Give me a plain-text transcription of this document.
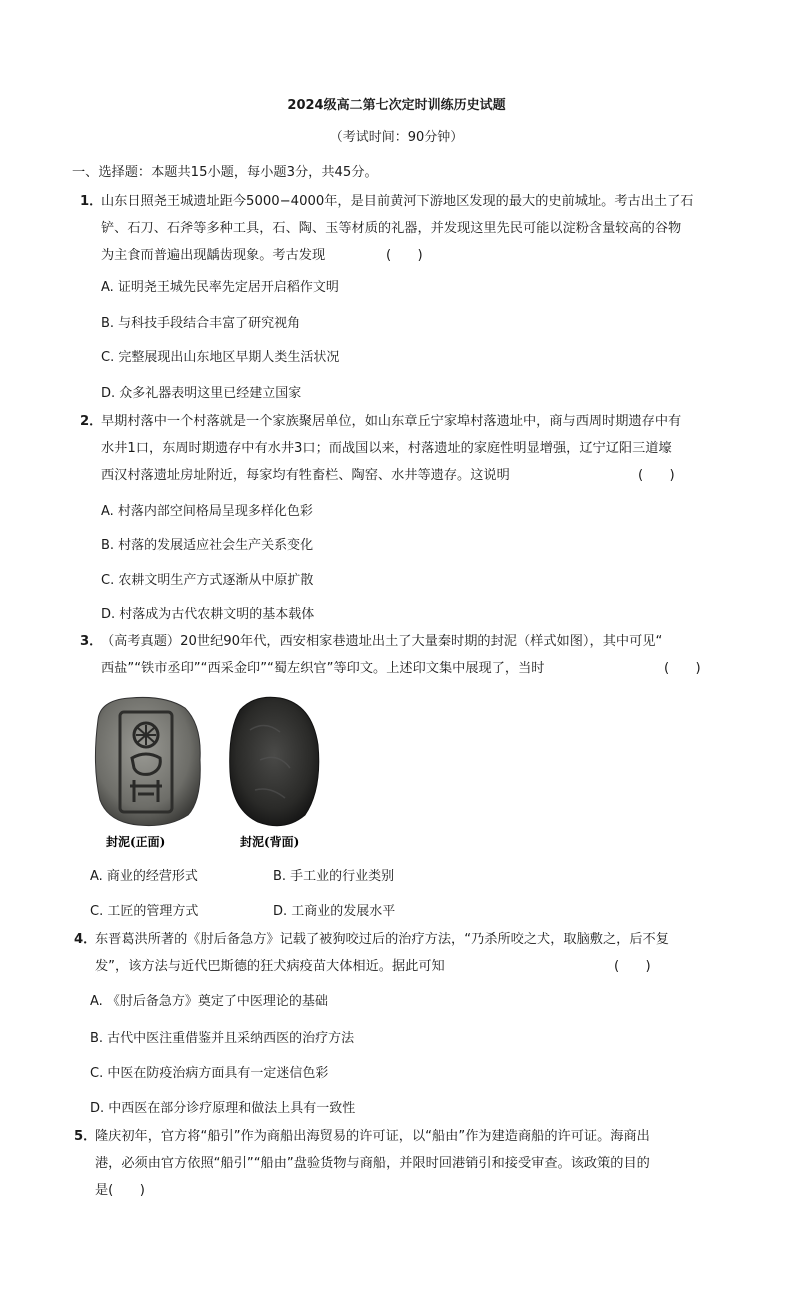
2024级高二第七次定时训练历史试题
（考试时间：90分钟）
一、选择题：本题共15小题，每小题3分，共45分。
1．
山东日照尧王城遗址距今5000−4000年，是目前黄河下游地区发现的最大的史前城址。考古出土了石
铲、石刀、石斧等多种工具，石、陶、玉等材质的礼器，并发现这里先民可能以淀粉含量较高的谷物
为主食而普遍出现龋齿现象。考古发现	(　　)
A. 证明尧王城先民率先定居开启稻作文明
B. 与科技手段结合丰富了研究视角
C. 完整展现出山东地区早期人类生活状况
D. 众多礼器表明这里已经建立国家
2．
早期村落中一个村落就是一个家族聚居单位，如山东章丘宁家埠村落遗址中，商与西周时期遗存中有
水井1口，东周时期遗存中有水井3口；而战国以来，村落遗址的家庭性明显增强，辽宁辽阳三道壕
西汉村落遗址房址附近，每家均有牲畜栏、陶窑、水井等遗存。这说明	(　　)
A. 村落内部空间格局呈现多样化色彩
B. 村落的发展适应社会生产关系变化
C. 农耕文明生产方式逐渐从中原扩散
D. 村落成为古代农耕文明的基本载体
3．
（高考真题）20世纪90年代，西安相家巷遗址出土了大量秦时期的封泥（样式如图），其中可见“
西盐”“铁市丞印”“西采金印”“蜀左织官”等印文。上述印文集中展现了，当时	(　　)
封泥(正面)	封泥(背面)
A. 商业的经营形式	B. 手工业的行业类别
C. 工匠的管理方式	D. 工商业的发展水平
4．
东晋葛洪所著的《肘后备急方》记载了被狗咬过后的治疗方法，“乃杀所咬之犬，取脑敷之，后不复
发”，该方法与近代巴斯德的狂犬病疫苗大体相近。据此可知	(　　)
A. 《肘后备急方》奠定了中医理论的基础
B. 古代中医注重借鉴并且采纳西医的治疗方法
C. 中医在防疫治病方面具有一定迷信色彩
D. 中西医在部分诊疗原理和做法上具有一致性
5．
隆庆初年，官方将“船引”作为商船出海贸易的许可证，以“船由”作为建造商船的许可证。海商出
港，必须由官方依照“船引”“船由”盘验货物与商船，并限时回港销引和接受审查。该政策的目的
是(　　)
